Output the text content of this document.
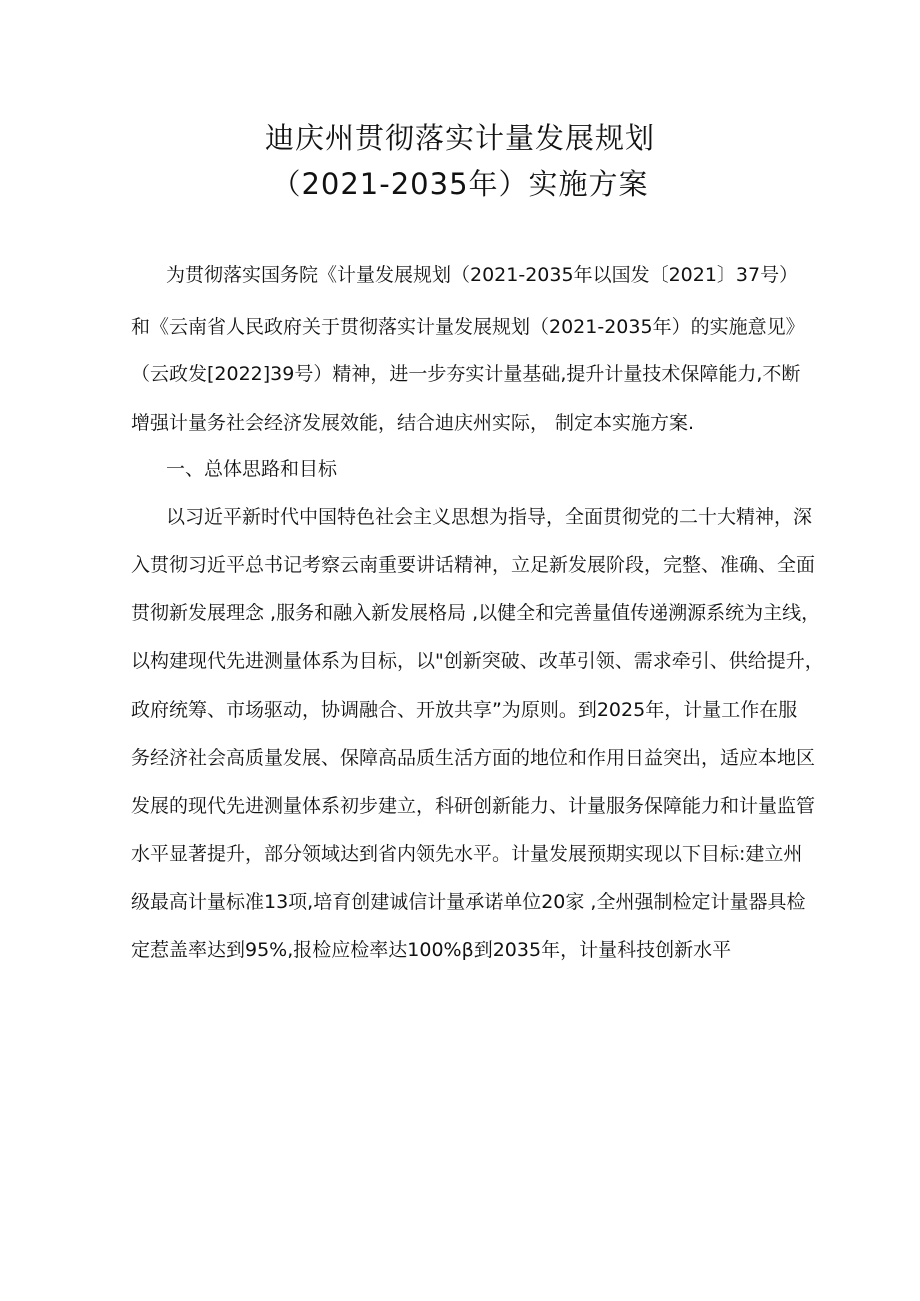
迪庆州贯彻落实计量发展规划
（2021-2035年）实施方案
为贯彻落实国务院《计量发展规划（2021-2035年以国发〔2021〕37号）
和《云南省人民政府关于贯彻落实计量发展规划（2021-2035年）的实施意见》
（云政发[2022]39号）精神，进一步夯实计量基础,提升计量技术保障能力,不断
增强计量务社会经济发展效能，结合迪庆州实际， 制定本实施方案.
一、总体思路和目标
以习近平新时代中国特色社会主义思想为指导，全面贯彻党的二十大精神，深
入贯彻习近平总书记考察云南重要讲话精神，立足新发展阶段，完整、准确、全面
贯彻新发展理念 ,服务和融入新发展格局 ,以健全和完善量值传递溯源系统为主线，
以构建现代先进测量体系为目标，以"创新突破、改革引领、需求牵引、供给提升，
政府统筹、市场驱动，协调融合、开放共享”为原则。到2025年，计量工作在服
务经济社会高质量发展、保障高品质生活方面的地位和作用日益突出，适应本地区
发展的现代先进测量体系初步建立，科研创新能力、计量服务保障能力和计量监管
水平显著提升，部分领域达到省内领先水平。计量发展预期实现以下目标:建立州
级最高计量标准13项,培育创建诚信计量承诺单位20家 ,全州强制检定计量器具检
定惹盖率达到95%,报检应检率达100%β到2035年，计量科技创新水平
